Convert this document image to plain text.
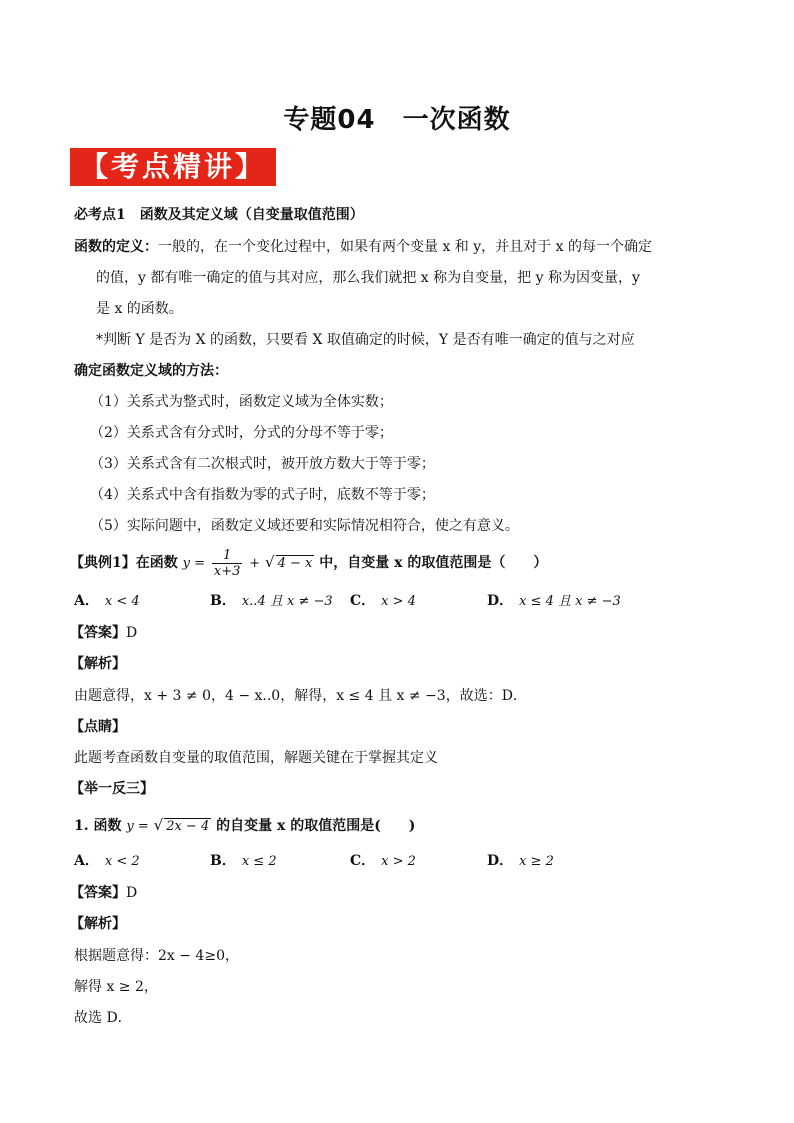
专题04　一次函数
【考点精讲】
必考点1　函数及其定义域（自变量取值范围）
函数的定义：一般的，在一个变化过程中，如果有两个变量 x 和 y，并且对于 x 的每一个确定
的值，y 都有唯一确定的值与其对应，那么我们就把 x 称为自变量，把 y 称为因变量，y
是 x 的函数。
*判断 Y 是否为 X 的函数，只要看 X 取值确定的时候，Y 是否有唯一确定的值与之对应
确定函数定义域的方法：
（1）关系式为整式时，函数定义域为全体实数；
（2）关系式含有分式时，分式的分母不等于零；
（3）关系式含有二次根式时，被开放方数大于等于零；
（4）关系式中含有指数为零的式子时，底数不等于零；
（5）实际问题中，函数定义域还要和实际情况相符合，使之有意义。
【典例1】在函数 $y = \frac{1}{x+3}$ + √ 4 − x 中，自变量 x 的取值范围是（　　）
A． x < 4	B． x..4 且 x ≠ −3 C． x > 4	D． x ≤ 4 且 x ≠ −3
【答案】D
【解析】
由题意得，x + 3 ≠ 0，4 − x..0，解得，x ≤ 4 且 x ≠ −3，故选：D．
【点睛】
此题考查函数自变量的取值范围，解题关键在于掌握其定义
【举一反三】
1. 函数 y = √ 2x − 4 的自变量 x 的取值范围是(　　)
A． x < 2	B． x ≤ 2	C． x > 2	D． x ≥ 2
【答案】D
【解析】
根据题意得：2x − 4≥0，
解得 x ≥ 2，
故选 D．
